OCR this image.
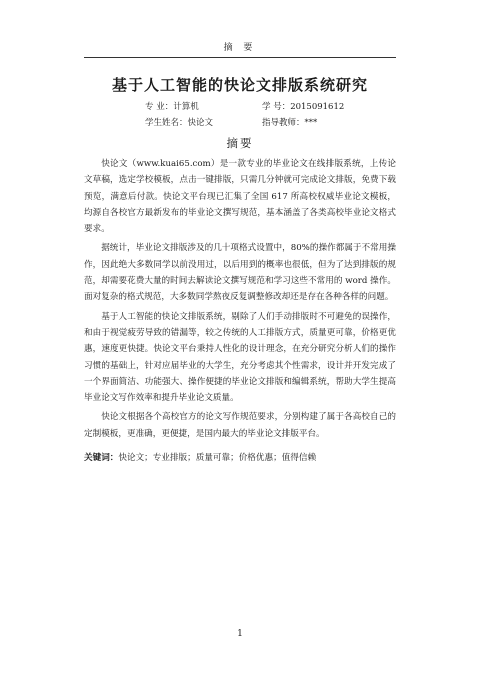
摘 要
基于人工智能的快论文排版系统研究
专 业：计算机	学 号：2015091612
学生姓名：快论文	指导教师：***
摘要

快论文（www.kuai65.com）是一款专业的毕业论文在线排版系统，上传论文草稿，选定学校模板，点击一键排版，只需几分钟就可完成论文排版，免费下载预览，满意后付款。快论文平台现已汇集了全国 617 所高校权威毕业论文模板，均源自各校官方最新发布的毕业论文撰写规范，基本涵盖了各类高校毕业论文格式要求。

据统计，毕业论文排版涉及的几十项格式设置中，80%的操作都属于不常用操作，因此绝大多数同学以前没用过，以后用到的概率也很低，但为了达到排版的规范，却需要花费大量的时间去解读论文撰写规范和学习这些不常用的 word 操作。面对复杂的格式规范，大多数同学熬夜反复调整修改却还是存在各种各样的问题。

基于人工智能的快论文排版系统，剔除了人们手动排版时不可避免的误操作，和由于视觉疲劳导致的错漏等，较之传统的人工排版方式，质量更可靠，价格更优惠，速度更快捷。快论文平台秉持人性化的设计理念，在充分研究分析人们的操作习惯的基础上，针对应届毕业的大学生，充分考虑其个性需求，设计并开发完成了一个界面简洁、功能强大、操作便捷的毕业论文排版和编辑系统，帮助大学生提高毕业论文写作效率和提升毕业论文质量。

快论文根据各个高校官方的论文写作规范要求，分别构建了属于各高校自己的定制模板，更准确，更便捷，是国内最大的毕业论文排版平台。

关键词：快论文；专业排版；质量可靠；价格优惠；值得信赖
1
